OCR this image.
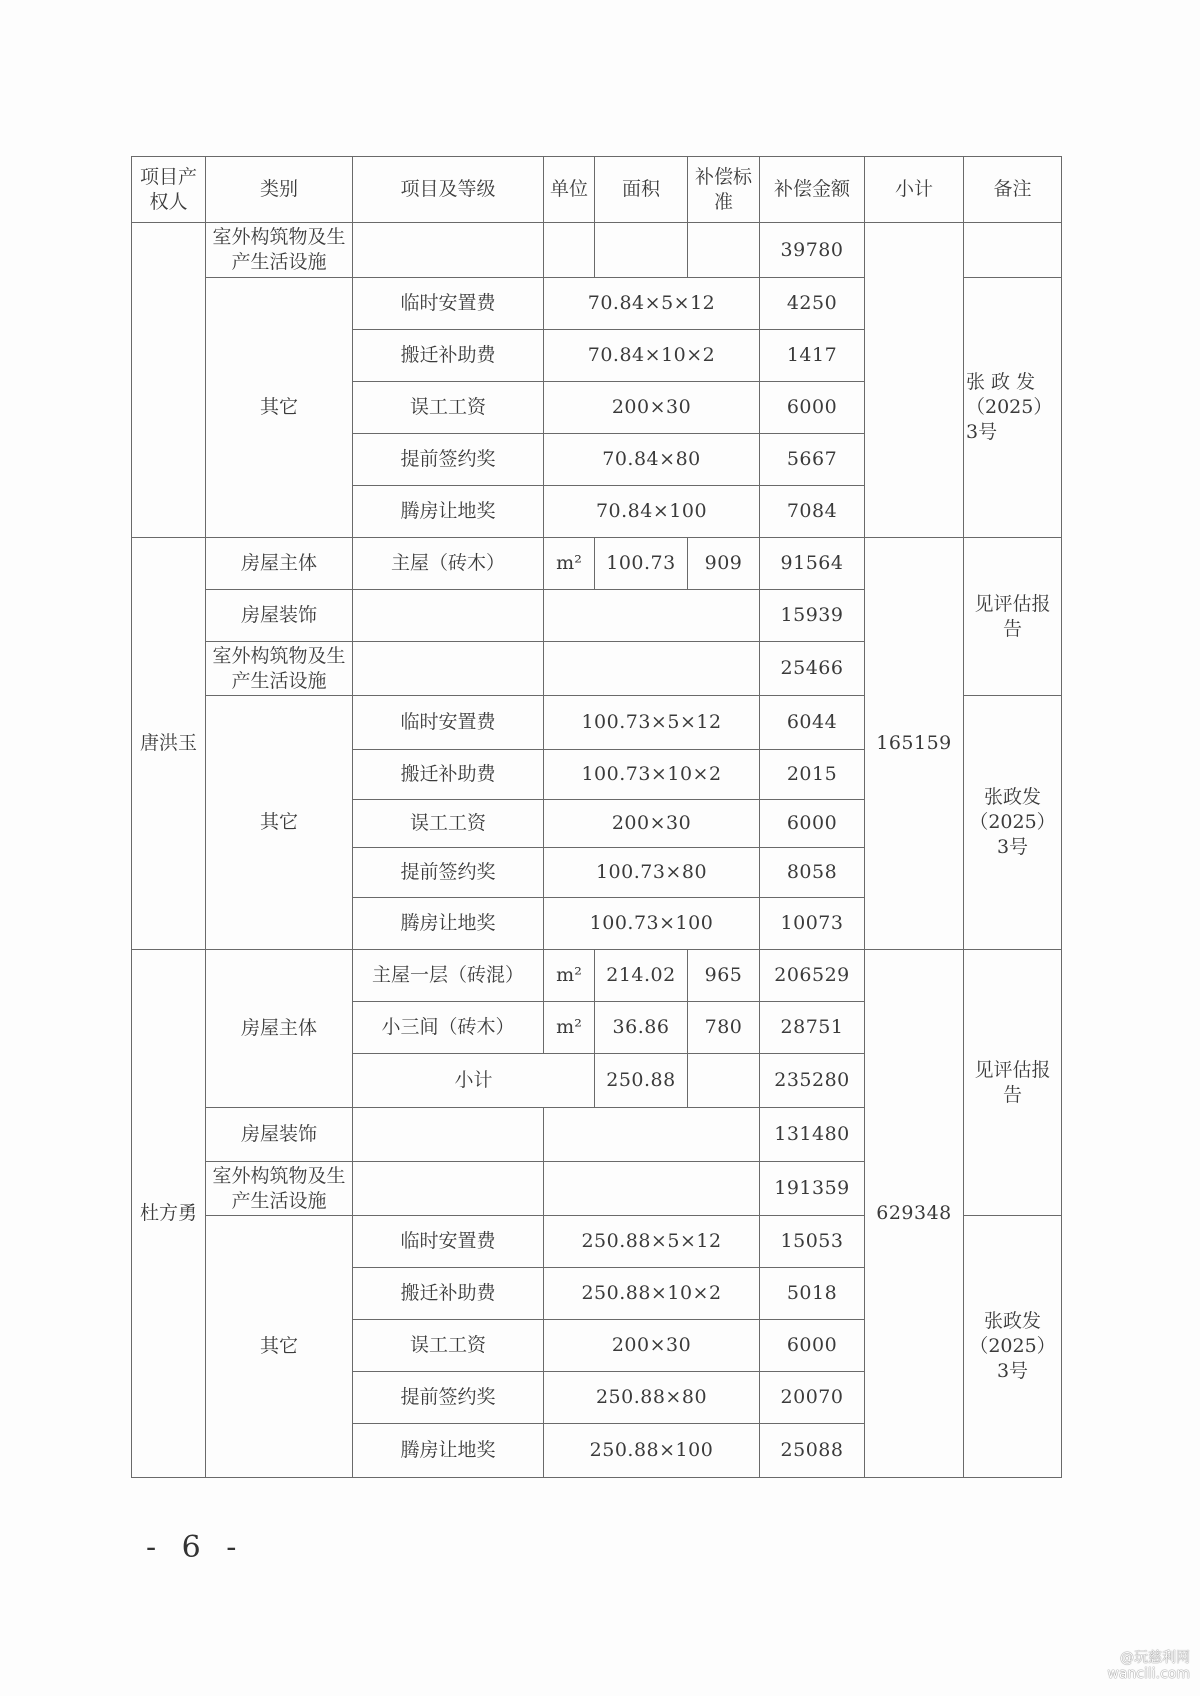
项目产权人	类别	项目及等级	单位	面积	补偿标准	补偿金额	小计	备注
	室外构筑物及生产生活设施					39780		
	其它	临时安置费	70.84×5×12			4250		张 政 发（2025）3号
		搬迁补助费	70.84×10×2			1417		
		误工工资	200×30			6000		
		提前签约奖	70.84×80			5667		
		腾房让地奖	70.84×100			7084		
唐洪玉	房屋主体	主屋（砖木）	m²	100.73	909	91564	165159	见评估报告
	房屋装饰					15939		
	室外构筑物及生产生活设施					25466		
	其它	临时安置费	100.73×5×12			6044		张政发（2025）3号
		搬迁补助费	100.73×10×2			2015		
		误工工资	200×30			6000		
		提前签约奖	100.73×80			8058		
		腾房让地奖	100.73×100			10073		
杜方勇	房屋主体	主屋一层（砖混）	m²	214.02	965	206529	629348	见评估报告
		小三间（砖木）	m²	36.86	780	28751		
		小计		250.88		235280		
	房屋装饰					131480		
	室外构筑物及生产生活设施					191359		
	其它	临时安置费	250.88×5×12			15053		张政发（2025）3号
		搬迁补助费	250.88×10×2			5018		
		误工工资	200×30			6000		
		提前签约奖	250.88×80			20070		
		腾房让地奖	250.88×100			25088		
- 6 -
@玩慈利网
wancili.com
